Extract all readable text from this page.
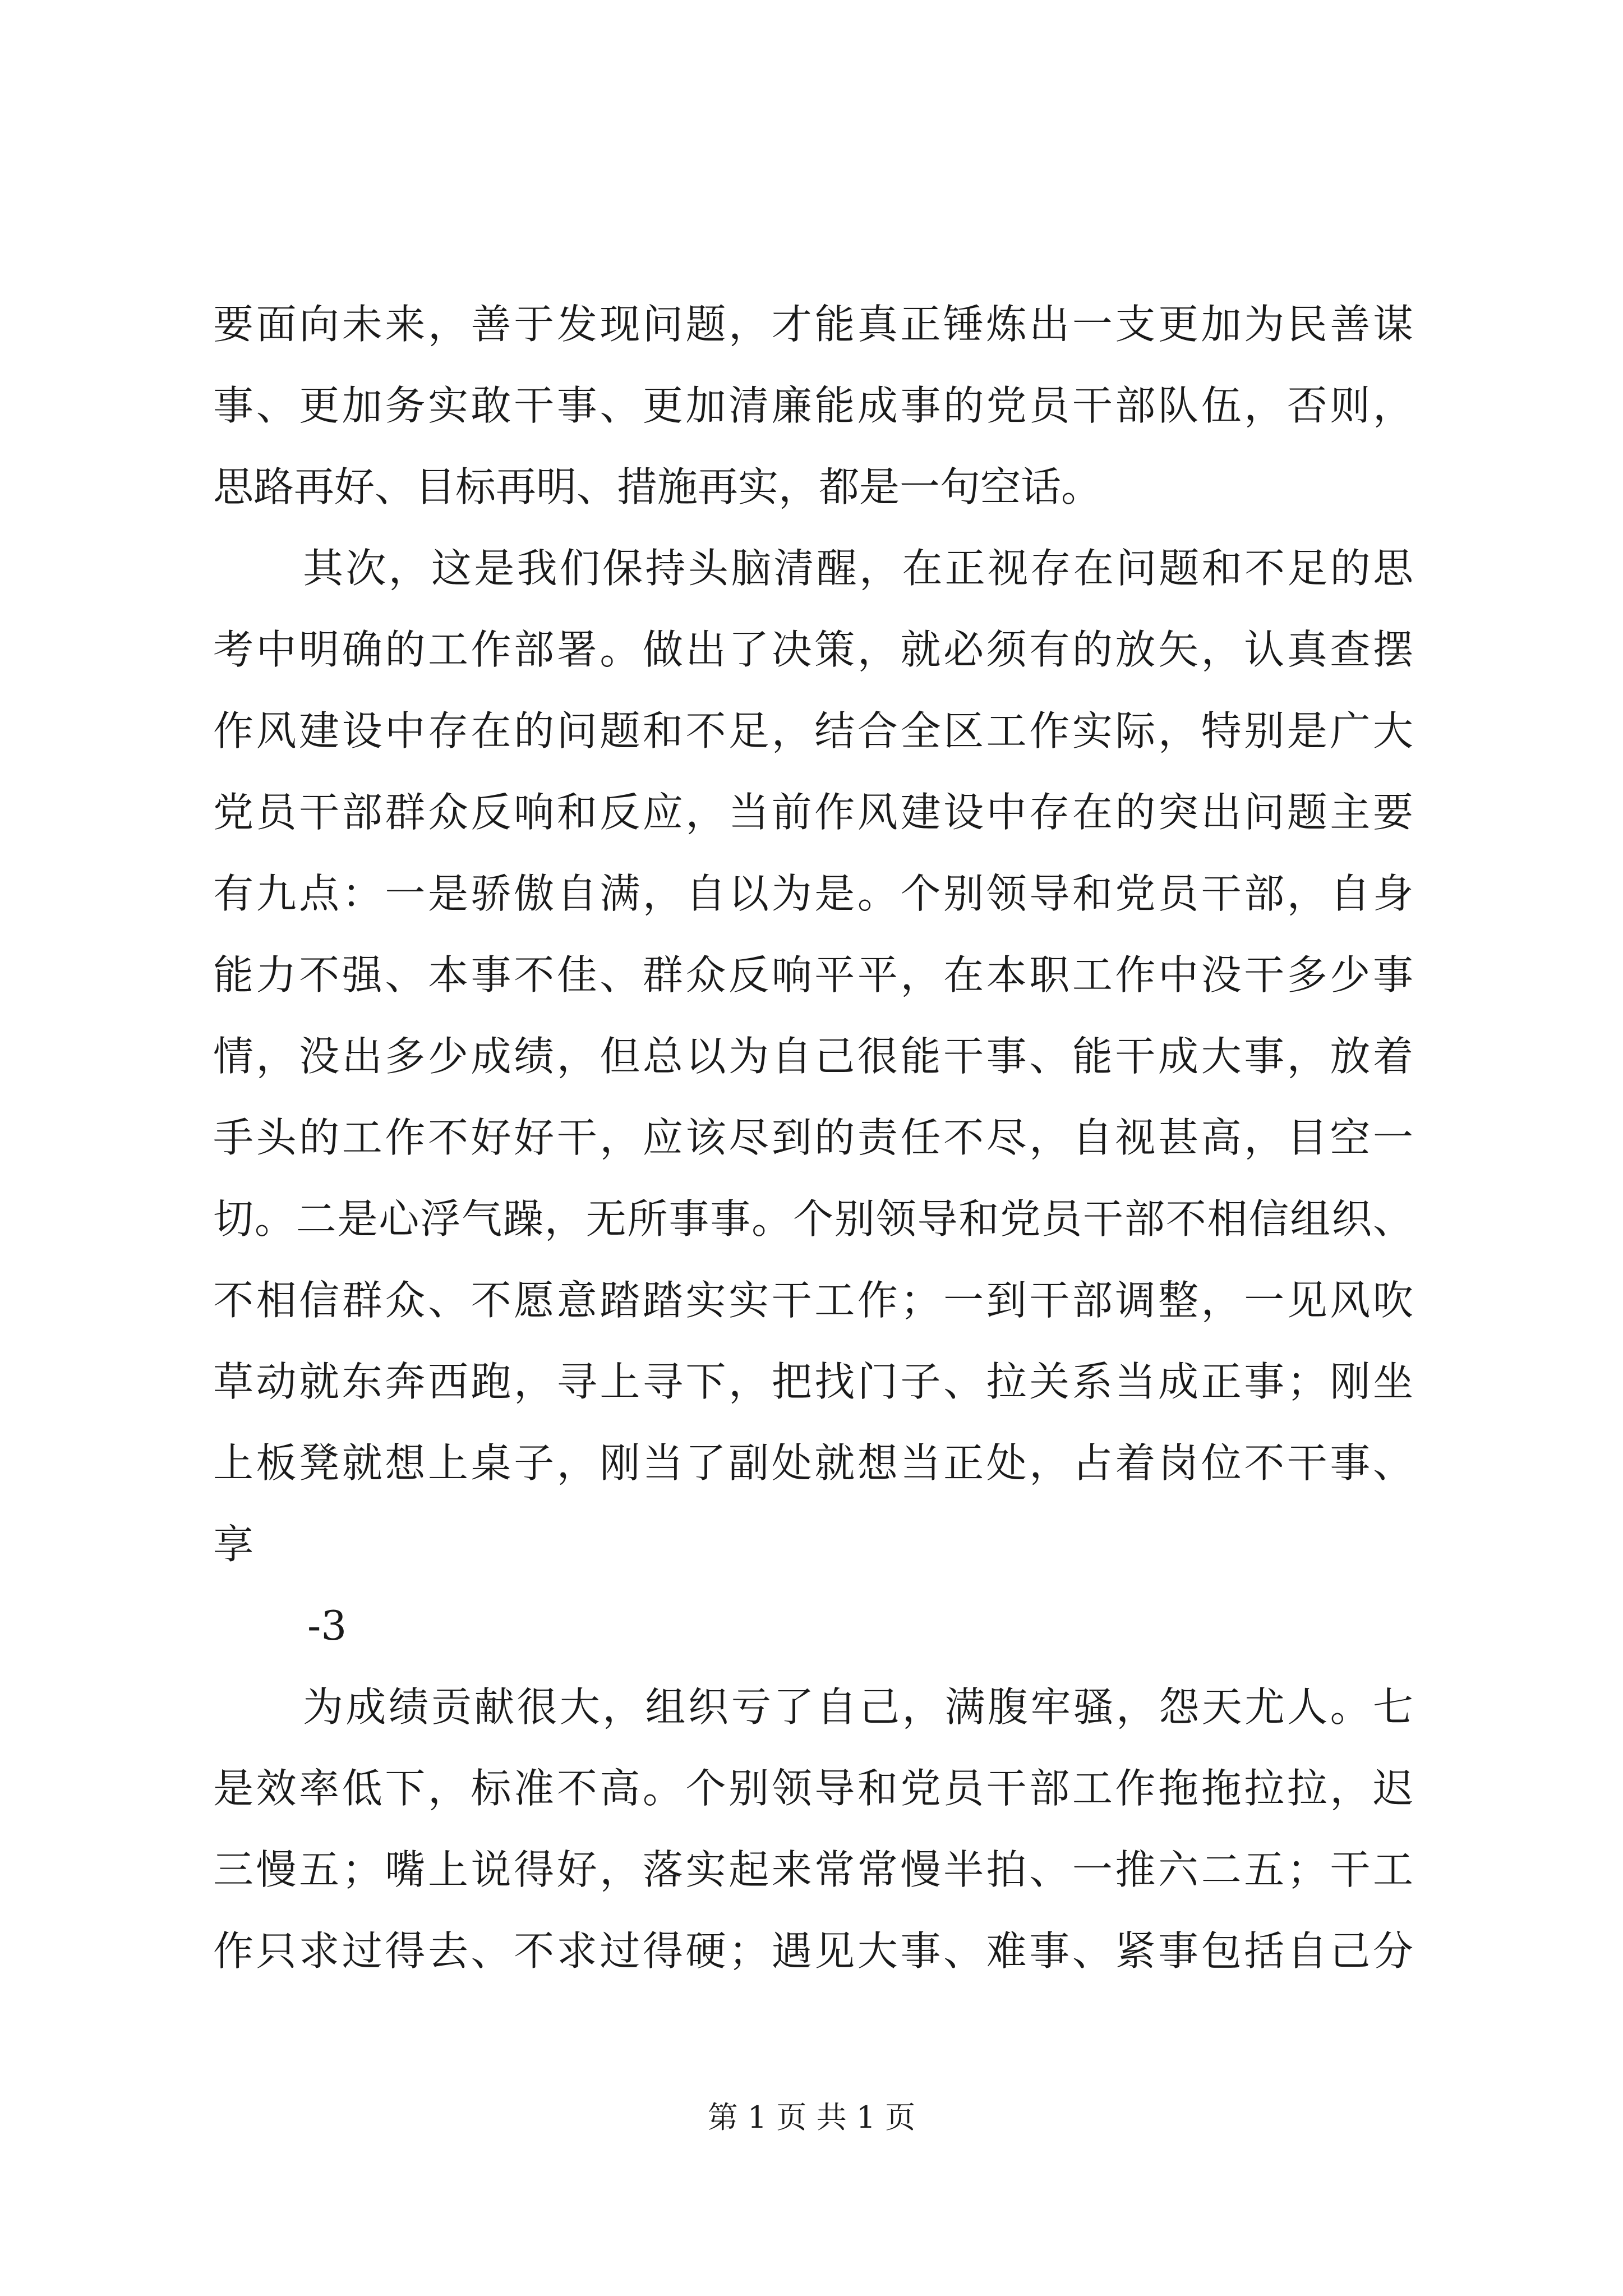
要面向未来，善于发现问题，才能真正锤炼出一支更加为民善谋
事、更加务实敢干事、更加清廉能成事的党员干部队伍，否则，
思路再好、目标再明、措施再实，都是一句空话。
其次，这是我们保持头脑清醒，在正视存在问题和不足的思
考中明确的工作部署。做出了决策，就必须有的放矢，认真查摆
作风建设中存在的问题和不足，结合全区工作实际，特别是广大
党员干部群众反响和反应，当前作风建设中存在的突出问题主要
有九点：一是骄傲自满，自以为是。个别领导和党员干部，自身
能力不强、本事不佳、群众反响平平，在本职工作中没干多少事
情，没出多少成绩，但总以为自己很能干事、能干成大事，放着
手头的工作不好好干，应该尽到的责任不尽，自视甚高，目空一
切。二是心浮气躁，无所事事。个别领导和党员干部不相信组织、
不相信群众、不愿意踏踏实实干工作；一到干部调整，一见风吹
草动就东奔西跑，寻上寻下，把找门子、拉关系当成正事；刚坐
上板凳就想上桌子，刚当了副处就想当正处，占着岗位不干事、
享
-3
为成绩贡献很大，组织亏了自己，满腹牢骚，怨天尤人。七
是效率低下，标准不高。个别领导和党员干部工作拖拖拉拉，迟
三慢五；嘴上说得好，落实起来常常慢半拍、一推六二五；干工
作只求过得去、不求过得硬；遇见大事、难事、紧事包括自己分
第 1 页 共 1 页
